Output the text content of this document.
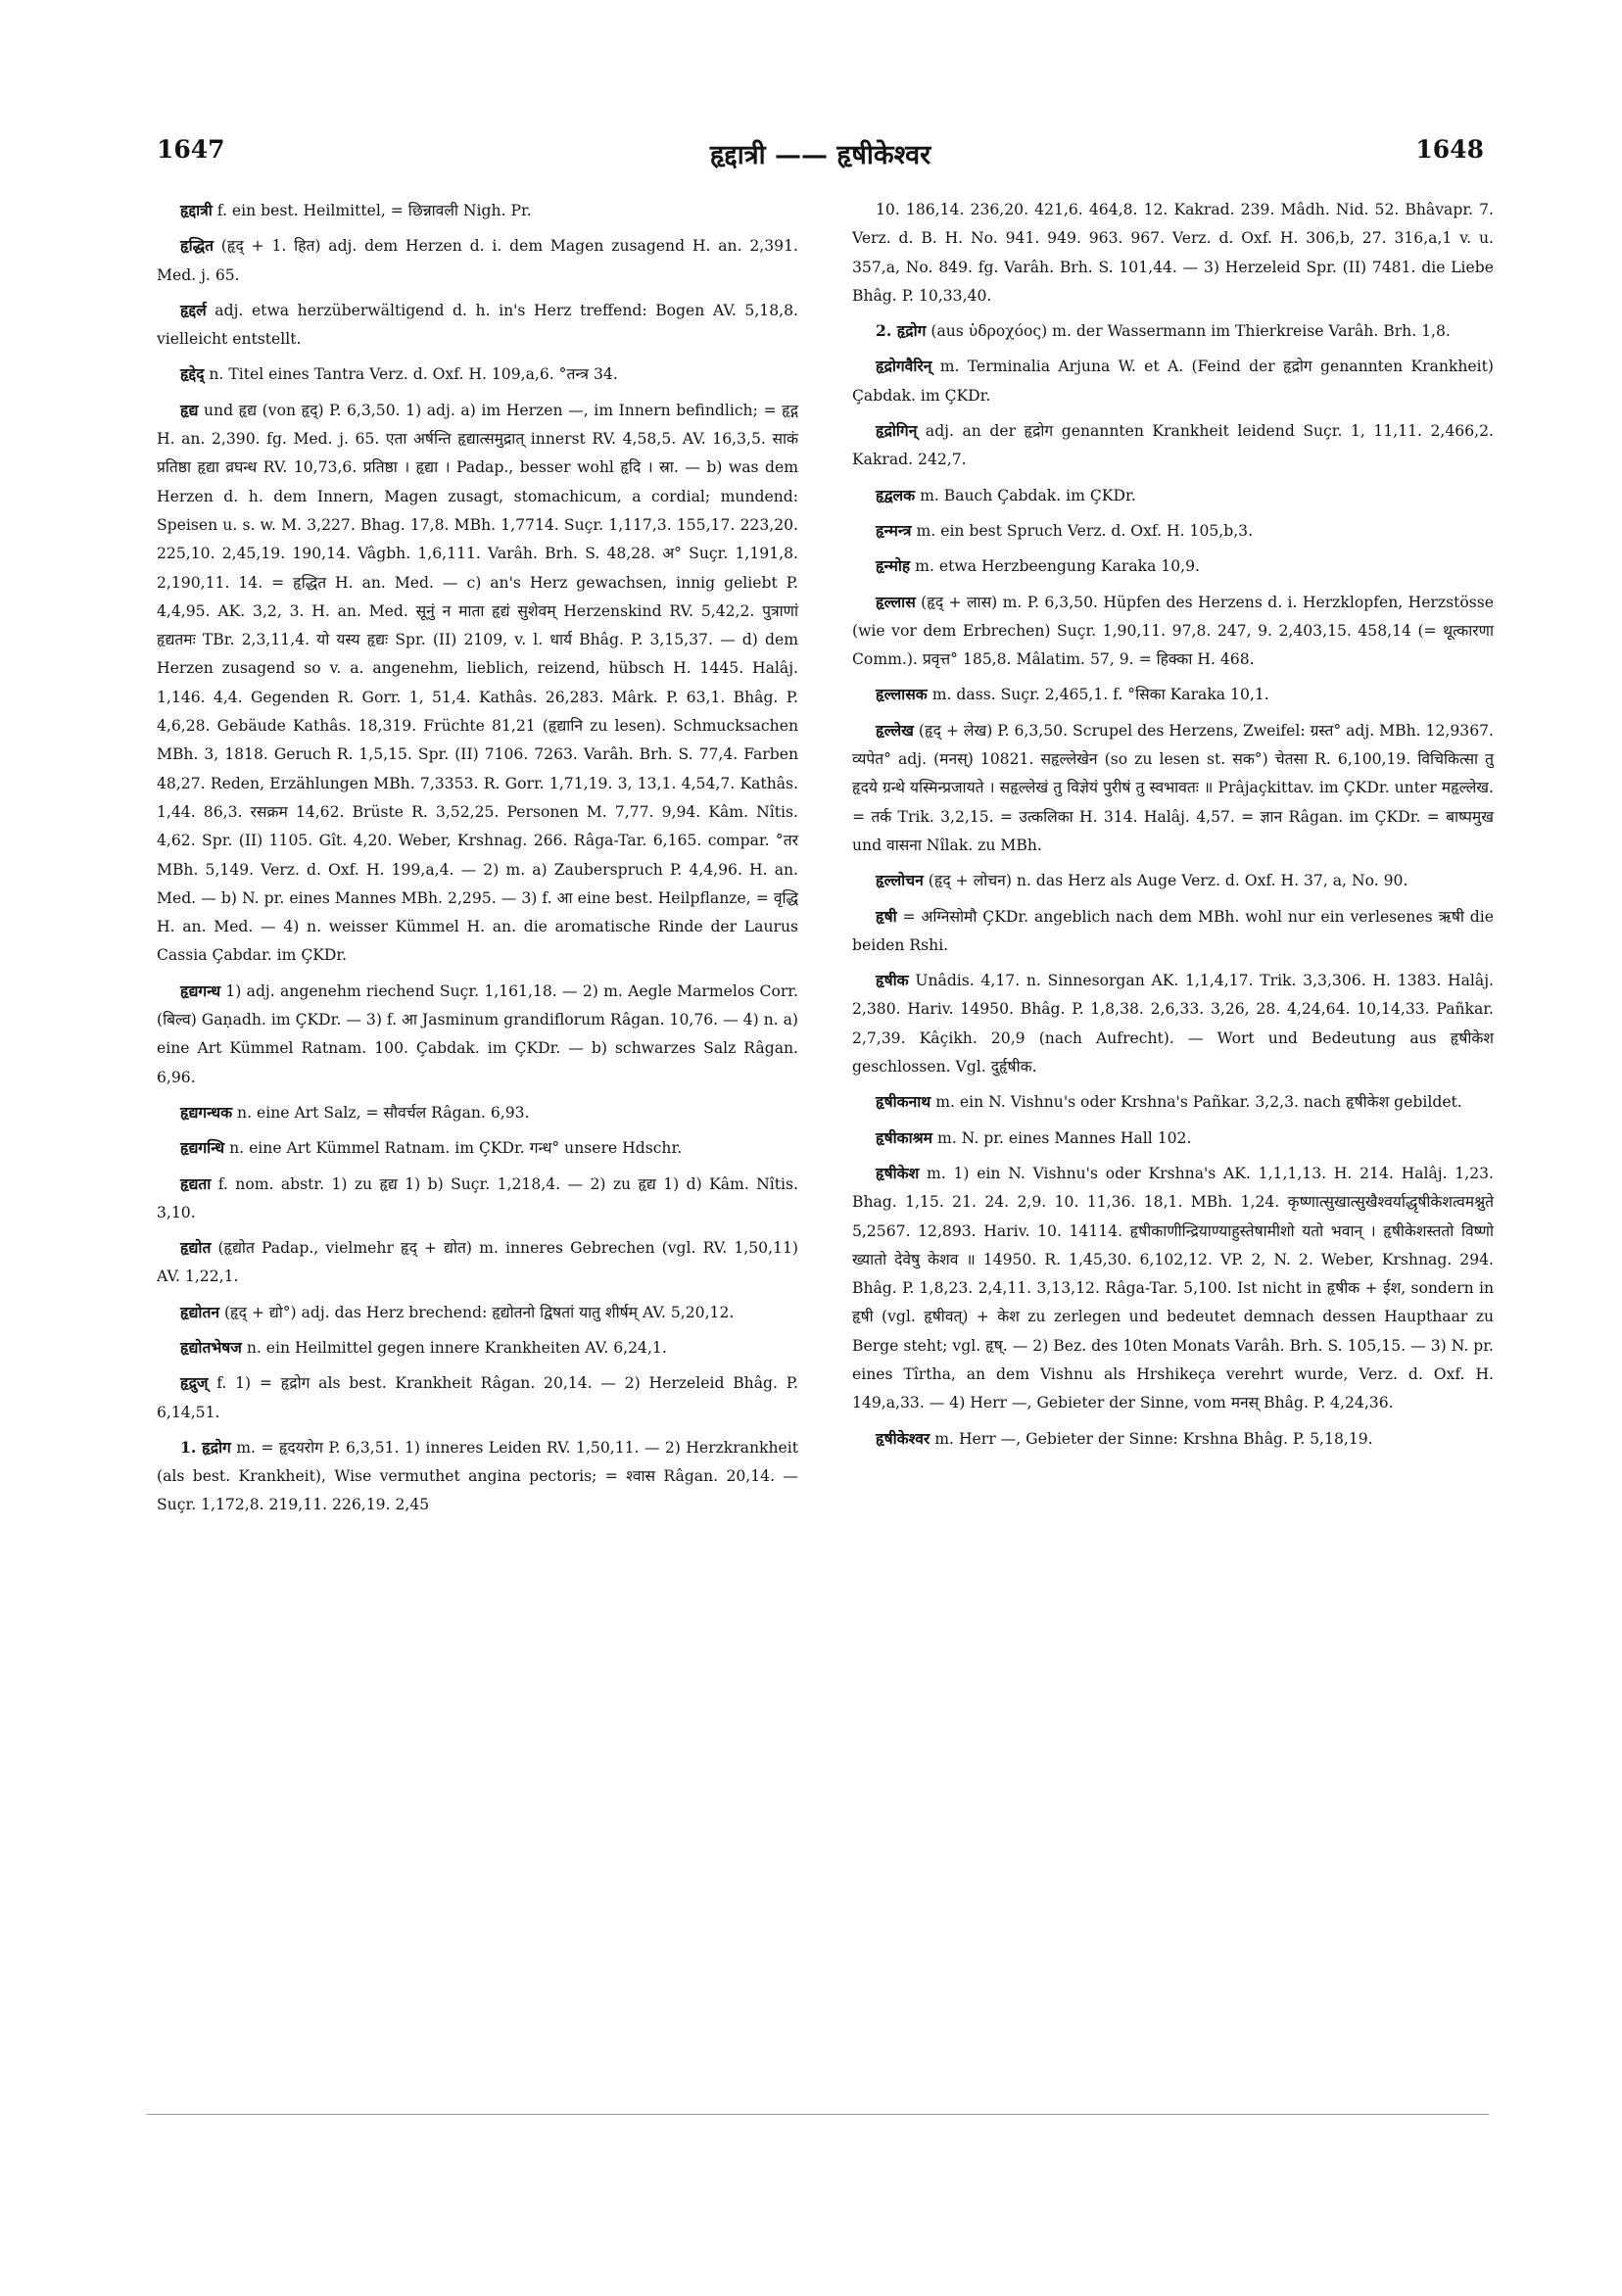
1647	हृद्दात्री —— हृषीकेश्वर	1648

हृद्दात्री f. ein best. Heilmittel, = छिन्नावली Nigh. Pr.

हृद्धित (हृद् + 1. हित) adj. dem Herzen d. i. dem Magen zusagend H. an. 2,391. Med. j. 65.

हृद्दर्ल adj. etwa herzüberwältigend d. h. in's Herz treffend: Bogen AV. 5,18,8. vielleicht entstellt.

हृद्देद् n. Titel eines Tantra Verz. d. Oxf. H. 109,a,6. °तन्त्र 34.

हृद्य und हृद्य (von हृद्) P. 6,3,50. 1) adj. a) im Herzen —, im Innern befindlich; = हृद्ग H. an. 2,390. fg. Med. j. 65. एता अर्षन्ति हृद्यात्समुद्रात् innerst RV. 4,58,5. AV. 16,3,5. साकं प्रतिष्ठा हृद्या व्रघन्ध RV. 10,73,6. प्रतिष्ठा । हृद्या । Padap., besser wohl हृदि । स्रा. — b) was dem Herzen d. h. dem Innern, Magen zusagt, stomachicum, a cordial; mundend: Speisen u. s. w. M. 3,227. Bhag. 17,8. MBh. 1,7714. Suçr. 1,117,3. 155,17. 223,20. 225,10. 2,45,19. 190,14. Vâgbh. 1,6,111. Varâh. Brh. S. 48,28. अ° Suçr. 1,191,8. 2,190,11. 14. = हृद्धित H. an. Med. — c) an's Herz gewachsen, innig geliebt P. 4,4,95. AK. 3,2, 3. H. an. Med. सूनुं न माता हृद्यं सुशेवम् Herzenskind RV. 5,42,2. पुत्राणां हृद्यतमः TBr. 2,3,11,4. यो यस्य हृद्यः Spr. (II) 2109, v. l. धार्य Bhâg. P. 3,15,37. — d) dem Herzen zusagend so v. a. angenehm, lieblich, reizend, hübsch H. 1445. Halâj. 1,146. 4,4. Gegenden R. Gorr. 1, 51,4. Kathâs. 26,283. Mârk. P. 63,1. Bhâg. P. 4,6,28. Gebäude Kathâs. 18,319. Früchte 81,21 (हृद्यानि zu lesen). Schmucksachen MBh. 3, 1818. Geruch R. 1,5,15. Spr. (II) 7106. 7263. Varâh. Brh. S. 77,4. Farben 48,27. Reden, Erzählungen MBh. 7,3353. R. Gorr. 1,71,19. 3, 13,1. 4,54,7. Kathâs. 1,44. 86,3. रसक्रम 14,62. Brüste R. 3,52,25. Personen M. 7,77. 9,94. Kâm. Nîtis. 4,62. Spr. (II) 1105. Gît. 4,20. Weber, Krshnag. 266. Râga-Tar. 6,165. compar. °तर MBh. 5,149. Verz. d. Oxf. H. 199,a,4. — 2) m. a) Zauberspruch P. 4,4,96. H. an. Med. — b) N. pr. eines Mannes MBh. 2,295. — 3) f. आ eine best. Heilpflanze, = वृद्धि H. an. Med. — 4) n. weisser Kümmel H. an. die aromatische Rinde der Laurus Cassia Çabdar. im ÇKDr.

हृद्यगन्ध 1) adj. angenehm riechend Suçr. 1,161,18. — 2) m. Aegle Marmelos Corr. (बिल्व) Gaṇadh. im ÇKDr. — 3) f. आ Jasminum grandiflorum Râgan. 10,76. — 4) n. a) eine Art Kümmel Ratnam. 100. Çabdak. im ÇKDr. — b) schwarzes Salz Râgan. 6,96.

हृद्यगन्धक n. eine Art Salz, = सौवर्चल Râgan. 6,93.

हृद्यगन्धि n. eine Art Kümmel Ratnam. im ÇKDr. गन्ध° unsere Hdschr.

हृद्यता f. nom. abstr. 1) zu हृद्य 1) b) Suçr. 1,218,4. — 2) zu हृद्य 1) d) Kâm. Nîtis. 3,10.

हृद्योत (हृद्योत Padap., vielmehr हृद् + द्योत) m. inneres Gebrechen (vgl. RV. 1,50,11) AV. 1,22,1.

हृद्योतन (हृद् + द्यो°) adj. das Herz brechend: हृद्योतनो द्विषतां यातु शीर्षम् AV. 5,20,12.

हृद्योतभेषज n. ein Heilmittel gegen innere Krankheiten AV. 6,24,1.

हृद्रुज् f. 1) = हृद्रोग als best. Krankheit Râgan. 20,14. — 2) Herzeleid Bhâg. P. 6,14,51.

1. हृद्रोग m. = हृदयरोग P. 6,3,51. 1) inneres Leiden RV. 1,50,11. — 2) Herzkrankheit (als best. Krankheit), Wise vermuthet angina pectoris; = श्वास Râgan. 20,14. — Suçr. 1,172,8. 219,11. 226,19. 2,45

10. 186,14. 236,20. 421,6. 464,8. 12. Kakrad. 239. Mâdh. Nid. 52. Bhâvapr. 7. Verz. d. B. H. No. 941. 949. 963. 967. Verz. d. Oxf. H. 306,b, 27. 316,a,1 v. u. 357,a, No. 849. fg. Varâh. Brh. S. 101,44. — 3) Herzeleid Spr. (II) 7481. die Liebe Bhâg. P. 10,33,40.

2. हृद्रोग (aus ὑδροχόος) m. der Wassermann im Thierkreise Varâh. Brh. 1,8.

हृद्रोगवैरिन् m. Terminalia Arjuna W. et A. (Feind der हृद्रोग genannten Krankheit) Çabdak. im ÇKDr.

हृद्रोगिन् adj. an der हृद्रोग genannten Krankheit leidend Suçr. 1, 11,11. 2,466,2. Kakrad. 242,7.

हृद्वलक m. Bauch Çabdak. im ÇKDr.

हृन्मन्त्र m. ein best Spruch Verz. d. Oxf. H. 105,b,3.

हृन्मोह m. etwa Herzbeengung Karaka 10,9.

हृल्लास (हृद् + लास) m. P. 6,3,50. Hüpfen des Herzens d. i. Herzklopfen, Herzstösse (wie vor dem Erbrechen) Suçr. 1,90,11. 97,8. 247, 9. 2,403,15. 458,14 (= थूत्कारणा Comm.). प्रवृत्त° 185,8. Mâlatim. 57, 9. = हिक्का H. 468.

हृल्लासक m. dass. Suçr. 2,465,1. f. °सिका Karaka 10,1.

हृल्लेख (हृद् + लेख) P. 6,3,50. Scrupel des Herzens, Zweifel: ग्रस्त° adj. MBh. 12,9367. व्यपेत° adj. (मनस्) 10821. सहृल्लेखेन (so zu lesen st. सक°) चेतसा R. 6,100,19. विचिकित्सा तु हृदये ग्रन्थे यस्मिन्प्रजायते । सहृल्लेखं तु विज्ञेयं पुरीषं तु स्वभावतः ॥ Prâjaçkittav. im ÇKDr. unter महृल्लेख. = तर्क Trik. 3,2,15. = उत्कलिका H. 314. Halâj. 4,57. = ज्ञान Râgan. im ÇKDr. = बाष्पमुख und वासना Nîlak. zu MBh.

हृल्लोचन (हृद् + लोचन) n. das Herz als Auge Verz. d. Oxf. H. 37, a, No. 90.

हृषी = अग्निसोमौ ÇKDr. angeblich nach dem MBh. wohl nur ein verlesenes ऋषी die beiden Rshi.

हृषीक Unâdis. 4,17. n. Sinnesorgan AK. 1,1,4,17. Trik. 3,3,306. H. 1383. Halâj. 2,380. Hariv. 14950. Bhâg. P. 1,8,38. 2,6,33. 3,26, 28. 4,24,64. 10,14,33. Pañkar. 2,7,39. Kâçikh. 20,9 (nach Aufrecht). — Wort und Bedeutung aus हृषीकेश geschlossen. Vgl. दुर्हृषीक.

हृषीकनाथ m. ein N. Vishnu's oder Krshna's Pañkar. 3,2,3. nach हृषीकेश gebildet.

हृषीकाश्रम m. N. pr. eines Mannes Hall 102.

हृषीकेश m. 1) ein N. Vishnu's oder Krshna's AK. 1,1,1,13. H. 214. Halâj. 1,23. Bhag. 1,15. 21. 24. 2,9. 10. 11,36. 18,1. MBh. 1,24. कृष्णात्सुखात्सुखैश्वर्याद्धृषीकेशत्वमश्नुते 5,2567. 12,893. Hariv. 10. 14114. हृषीकाणीन्द्रियाण्याहुस्तेषामीशो यतो भवान् । हृषीकेशस्ततो विष्णो ख्यातो देवेषु केशव ॥ 14950. R. 1,45,30. 6,102,12. VP. 2, N. 2. Weber, Krshnag. 294. Bhâg. P. 1,8,23. 2,4,11. 3,13,12. Râga-Tar. 5,100. Ist nicht in हृषीक + ईश, sondern in हृषी (vgl. हृषीवत्) + केश zu zerlegen und bedeutet demnach dessen Haupthaar zu Berge steht; vgl. हृष्. — 2) Bez. des 10ten Monats Varâh. Brh. S. 105,15. — 3) N. pr. eines Tîrtha, an dem Vishnu als Hrshikeça verehrt wurde, Verz. d. Oxf. H. 149,a,33. — 4) Herr —, Gebieter der Sinne, vom मनस् Bhâg. P. 4,24,36.

हृषीकेश्वर m. Herr —, Gebieter der Sinne: Krshna Bhâg. P. 5,18,19.
